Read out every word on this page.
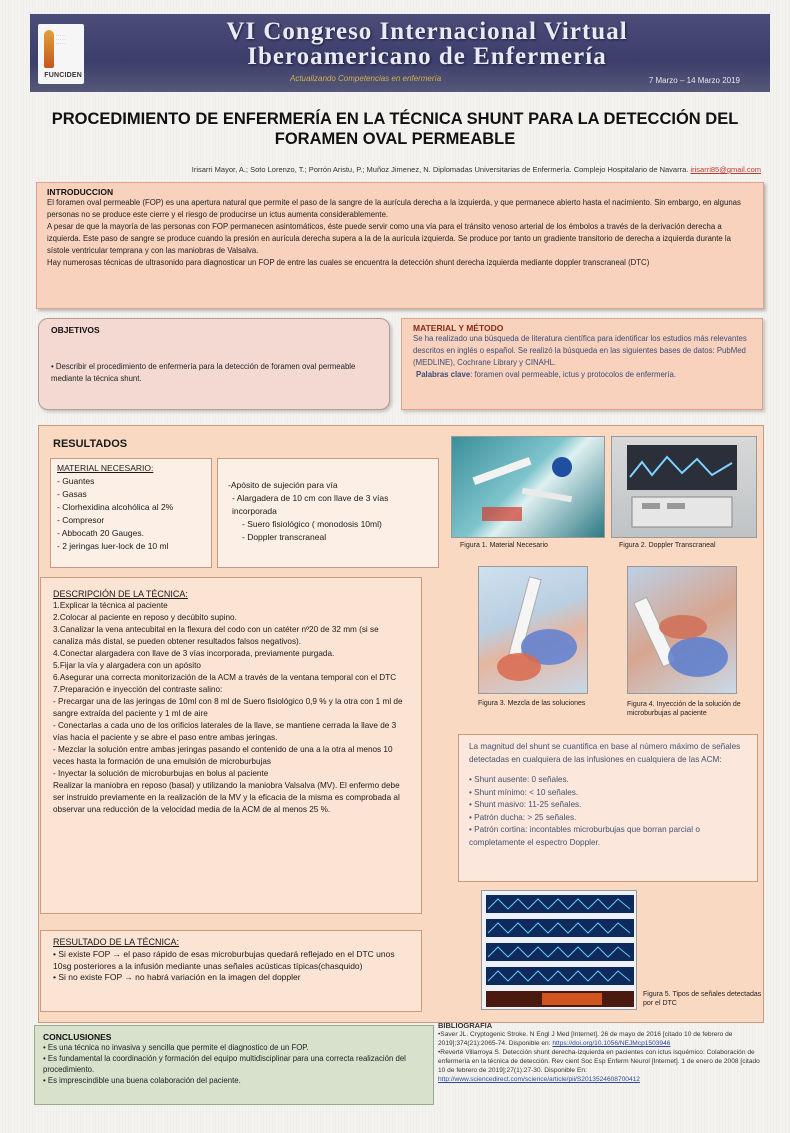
· · · · ·
· · · · ·
· · · · ·
FUNCIDEN
VI Congreso Internacional Virtual
Iberoamericano de Enfermería
Actualizando Competencias en enfermería	7 Marzo – 14 Marzo 2019
PROCEDIMIENTO DE ENFERMERÍA EN LA TÉCNICA SHUNT PARA LA DETECCIÓN DEL FORAMEN OVAL PERMEABLE
Irisarri Mayor, A.; Soto Lorenzo, T.; Porrón Aristu, P.; Muñoz Jimenez, N. Diplomadas Universitarias de Enfermería. Complejo Hospitalario de Navarra. irisarri85@gmail.com
INTRODUCCION
El foramen oval permeable (FOP) es una apertura natural que permite el paso de la sangre de la aurícula derecha a la izquierda, y que permanece abierto hasta el nacimiento. Sin embargo, en algunas personas no se produce este cierre y el riesgo de producirse un ictus aumenta considerablemente.
A pesar de que la mayoría de las personas con FOP permanecen asintomáticos, éste puede servir como una vía para el tránsito venoso arterial de los émbolos a través de la derivación derecha a izquierda. Este paso de sangre se produce cuando la presión en aurícula derecha supera a la de la aurícula izquierda. Se produce por tanto un gradiente transitorio de derecha a izquierda durante la sístole ventricular temprana y con las maniobras de Valsalva.
Hay numerosas técnicas de ultrasonido para diagnosticar un FOP de entre las cuales se encuentra la detección shunt derecha izquierda mediante doppler transcraneal (DTC)
OBJETIVOS
• Describir el procedimiento de enfermería para la detección de foramen oval permeable mediante la técnica shunt.
MATERIAL Y MÉTODO
Se ha realizado una búsqueda de literatura científica para identificar los estudios más relevantes descritos en inglés o español. Se realizó la búsqueda en las siguientes bases de datos: PubMed (MEDLINE), Cochrane Library y CINAHL.
Palabras clave: foramen oval permeable, ictus y protocolos de enfermería.
RESULTADOS
MATERIAL NECESARIO:
- Guantes
- Gasas
- Clorhexidina alcohólica al 2%
- Compresor
- Abbocath 20 Gauges.
- 2 jeringas luer-lock de 10 ml
-Apósito de sujeción para vía
- Alargadera de 10 cm con llave de 3 vías incorporada
- Suero fisiológico ( monodosis 10ml)
- Doppler transcraneal
Figura 1. Material Necesario	Figura 2. Doppler Transcraneal
Figura 3. Mezcla de las soluciones	Figura 4. Inyección de la solución de microburbujas al paciente
DESCRIPCIÓN DE LA TÉCNICA:
1.Explicar la técnica al paciente
2.Colocar al paciente en reposo y decúbito supino.
3.Canalizar la vena antecubital en la flexura del codo con un catéter nº20 de 32 mm (si se canaliza más distal, se pueden obtener resultados falsos negativos).
4.Conectar alargadera con llave de 3 vías incorporada, previamente purgada.
5.Fijar la vía y alargadera con un apósito
6.Asegurar una correcta monitorización de la ACM a través de la ventana temporal con el DTC
7.Preparación e inyección del contraste salino:
- Precargar una de las jeringas de 10ml con 8 ml de Suero fisiológico 0,9 % y la otra con 1 ml de sangre extraída del paciente y 1 ml de aire
- Conectarlas a cada uno de los orificios laterales de la llave, se mantiene cerrada la llave de 3 vías hacia el paciente y se abre el paso entre ambas jeringas.
- Mezclar la solución entre ambas jeringas pasando el contenido de una a la otra al menos 10 veces hasta la formación de una emulsión de microburbujas
- Inyectar la solución de microburbujas en bolus al paciente
Realizar la maniobra en reposo (basal) y utilizando la maniobra Valsalva (MV). El enfermo debe ser instruido previamente en la realización de la MV y la eficacia de la misma es comprobada al observar una reducción de la velocidad media de la ACM de al menos 25 %.
La magnitud del shunt se cuantifica en base al número máximo de señales detectadas en cualquiera de las infusiones en cualquiera de las ACM:
• Shunt ausente: 0 señales.
• Shunt mínimo: < 10 señales.
• Shunt masivo: 11-25 señales.
• Patrón ducha: > 25 señales.
• Patrón cortina: incontables microburbujas que borran parcial o completamente el espectro Doppler.
Figura 5. Tipos de señales detectadas por el DTC
RESULTADO DE LA TÉCNICA:
• Si existe FOP → el paso rápido de esas microburbujas quedará reflejado en el DTC unos 10sg posteriores a la infusión mediante unas señales acústicas típicas(chasquido)
• Si no existe FOP → no habrá variación en la imagen del doppler
CONCLUSIONES
• Es una técnica no invasiva y sencilla que permite el diagnostico de un FOP.
• Es fundamental la coordinación y formación del equipo multidisciplinar para una correcta realización del procedimiento.
• Es imprescindible una buena colaboración del paciente.
BIBLIOGRAFIA
•Saver JL. Cryptogenic Stroke. N Engl J Med [Internet]. 26 de mayo de 2016 [citado 10 de febrero de 2019];374(21):2065-74. Disponible en: https://doi.org/10.1056/NEJMcp1503946
•Reverté Villarroya S. Detección shunt derecha-izquierda en pacientes con ictus isquémico: Colaboración de enfermería en la técnica de detección. Rev cient Soc Esp Enferm Neurol [Internet]. 1 de enero de 2008 [citado 10 de febrero de 2019];27(1):27-30. Disponible En: http://www.sciencedirect.com/science/article/pii/S2013524608700412
